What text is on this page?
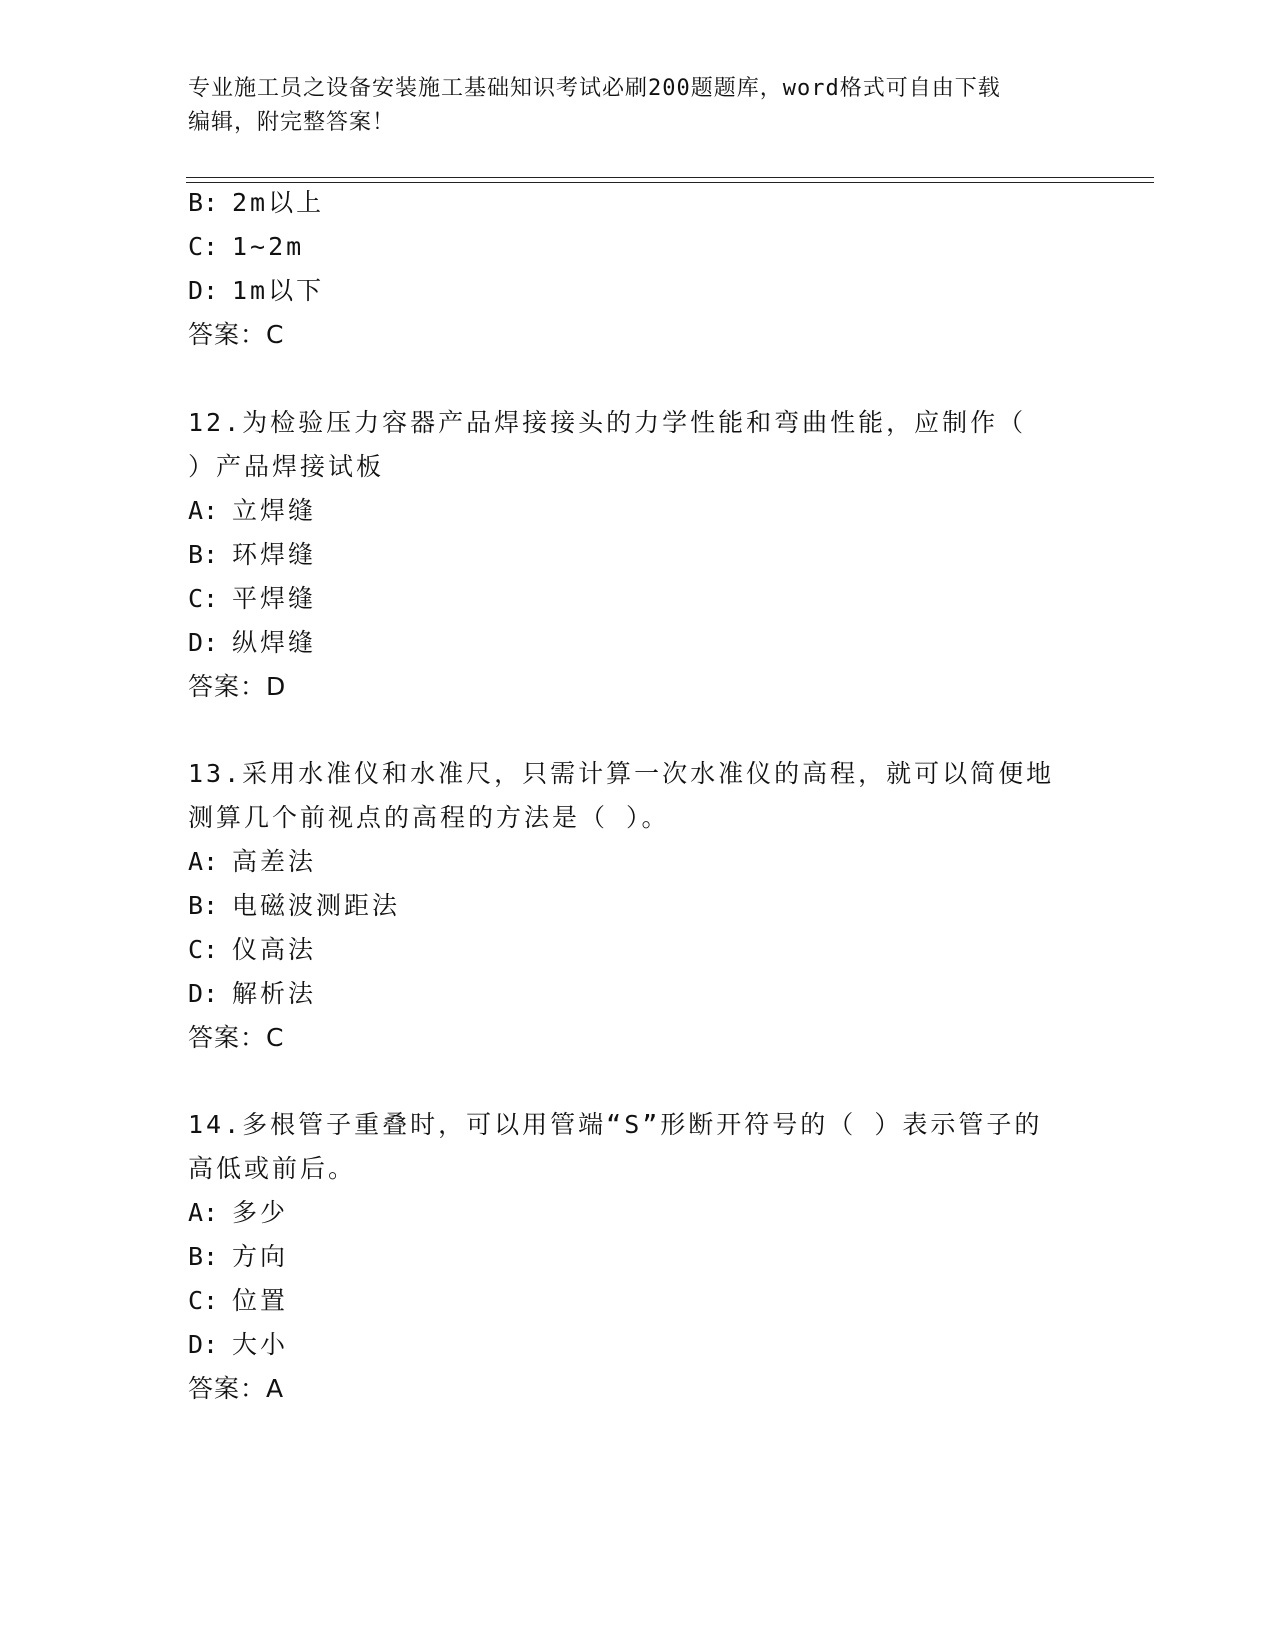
专业施工员之设备安装施工基础知识考试必刷200题题库，word格式可自由下载
编辑，附完整答案！
B: 2m以上
C: 1~2m
D: 1m以下
答案：C
12.为检验压力容器产品焊接接头的力学性能和弯曲性能，应制作（
）产品焊接试板
A: 立焊缝
B: 环焊缝
C: 平焊缝
D: 纵焊缝
答案：D
13.采用水准仪和水准尺，只需计算一次水准仪的高程，就可以简便地
测算几个前视点的高程的方法是（ ）。
A: 高差法
B: 电磁波测距法
C: 仪高法
D: 解析法
答案：C
14.多根管子重叠时，可以用管端“S”形断开符号的（ ）表示管子的
高低或前后。
A: 多少
B: 方向
C: 位置
D: 大小
答案：A
